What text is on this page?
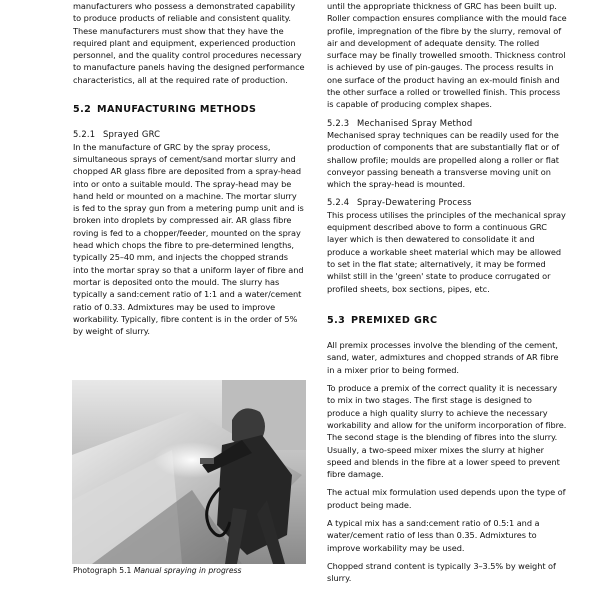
manufacturers who possess a demonstrated capability to produce products of reliable and consistent quality. These manufacturers must show that they have the required plant and equipment, experienced production personnel, and the quality control procedures necessary to manufacture panels having the designed performance characteristics, all at the required rate of production.

5.2 MANUFACTURING METHODS
5.2.1 Sprayed GRC

In the manufacture of GRC by the spray process, simultaneous sprays of cement/sand mortar slurry and chopped AR glass fibre are deposited from a spray-head into or onto a suitable mould. The spray-head may be hand held or mounted on a machine. The mortar slurry is fed to the spray gun from a metering pump unit and is broken into droplets by compressed air. AR glass fibre roving is fed to a chopper/feeder, mounted on the spray head which chops the fibre to pre-determined lengths, typically 25–40 mm, and injects the chopped strands into the mortar spray so that a uniform layer of fibre and mortar is deposited onto the mould. The slurry has typically a sand:cement ratio of 1:1 and a water/cement ratio of 0.33. Admixtures may be used to improve workability. Typically, fibre content is in the order of 5% by weight of slurry.

Photograph 5.1 Manual spraying in progress

until the appropriate thickness of GRC has been built up. Roller compaction ensures compliance with the mould face profile, impregnation of the fibre by the slurry, removal of air and development of adequate density. The rolled surface may be finally trowelled smooth. Thickness control is achieved by use of pin-gauges. The process results in one surface of the product having an ex-mould finish and the other surface a rolled or trowelled finish. This process is capable of producing complex shapes.

5.2.3 Mechanised Spray Method

Mechanised spray techniques can be readily used for the production of components that are substantially flat or of shallow profile; moulds are propelled along a roller or flat conveyor passing beneath a transverse moving unit on which the spray-head is mounted.

5.2.4 Spray-Dewatering Process

This process utilises the principles of the mechanical spray equipment described above to form a continuous GRC layer which is then dewatered to consolidate it and produce a workable sheet material which may be allowed to set in the flat state; alternatively, it may be formed whilst still in the 'green' state to produce corrugated or profiled sheets, box sections, pipes, etc.

5.3 PREMIXED GRC

All premix processes involve the blending of the cement, sand, water, admixtures and chopped strands of AR fibre in a mixer prior to being formed.

To produce a premix of the correct quality it is necessary to mix in two stages. The first stage is designed to produce a high quality slurry to achieve the necessary workability and allow for the uniform incorporation of fibre. The second stage is the blending of fibres into the slurry. Usually, a two-speed mixer mixes the slurry at higher speed and blends in the fibre at a lower speed to prevent fibre damage.

The actual mix formulation used depends upon the type of product being made.

A typical mix has a sand:cement ratio of 0.5:1 and a water/cement ratio of less than 0.35. Admixtures to improve workability may be used.

Chopped strand content is typically 3–3.5% by weight of slurry.
